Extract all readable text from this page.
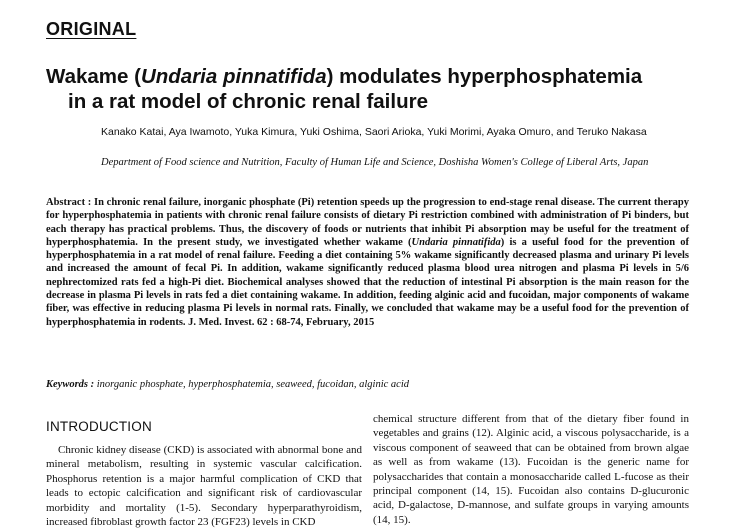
ORIGINAL
Wakame (Undaria pinnatifida) modulates hyperphosphatemia
in a rat model of chronic renal failure
Kanako Katai, Aya Iwamoto, Yuka Kimura, Yuki Oshima, Saori Arioka, Yuki Morimi, Ayaka Omuro, and Teruko Nakasa
Department of Food science and Nutrition, Faculty of Human Life and Science, Doshisha Women's College of Liberal Arts, Japan
Abstract : In chronic renal failure, inorganic phosphate (Pi) retention speeds up the progression to end-stage renal disease. The current therapy for hyperphosphatemia in patients with chronic renal failure consists of dietary Pi restriction combined with administration of Pi binders, but each therapy has practical problems. Thus, the discovery of foods or nutrients that inhibit Pi absorption may be useful for the treatment of hyperphosphatemia. In the present study, we investigated whether wakame (Undaria pinnatifida) is a useful food for the prevention of hyperphosphatemia in a rat model of renal failure. Feeding a diet containing 5% wakame significantly decreased plasma and urinary Pi levels and increased the amount of fecal Pi. In addition, wakame significantly reduced plasma blood urea nitrogen and plasma Pi levels in 5/6 nephrectomized rats fed a high-Pi diet. Biochemical analyses showed that the reduction of intestinal Pi absorption is the main reason for the decrease in plasma Pi levels in rats fed a diet containing wakame. In addition, feeding alginic acid and fucoidan, major components of wakame fiber, was effective in reducing plasma Pi levels in normal rats. Finally, we concluded that wakame may be a useful food for the prevention of hyperphosphatemia in rodents. J. Med. Invest. 62 : 68-74, February, 2015
Keywords : inorganic phosphate, hyperphosphatemia, seaweed, fucoidan, alginic acid
INTRODUCTION
Chronic kidney disease (CKD) is associated with abnormal bone and mineral metabolism, resulting in systemic vascular calcification. Phosphorus retention is a major harmful complication of CKD that leads to ectopic calcification and significant risk of cardiovascular morbidity and mortality (1-5). Secondary hyperparathyroidism, increased fibroblast growth factor 23 (FGF23) levels in CKD
chemical structure different from that of the dietary fiber found in vegetables and grains (12). Alginic acid, a viscous polysaccharide, is a viscous component of seaweed that can be obtained from brown algae as well as from wakame (13). Fucoidan is the generic name for polysaccharides that contain a monosaccharide called L-fucose as their principal component (14, 15). Fucoidan also contains D-glucuronic acid, D-galactose, D-mannose, and sulfate groups in varying amounts (14, 15).
